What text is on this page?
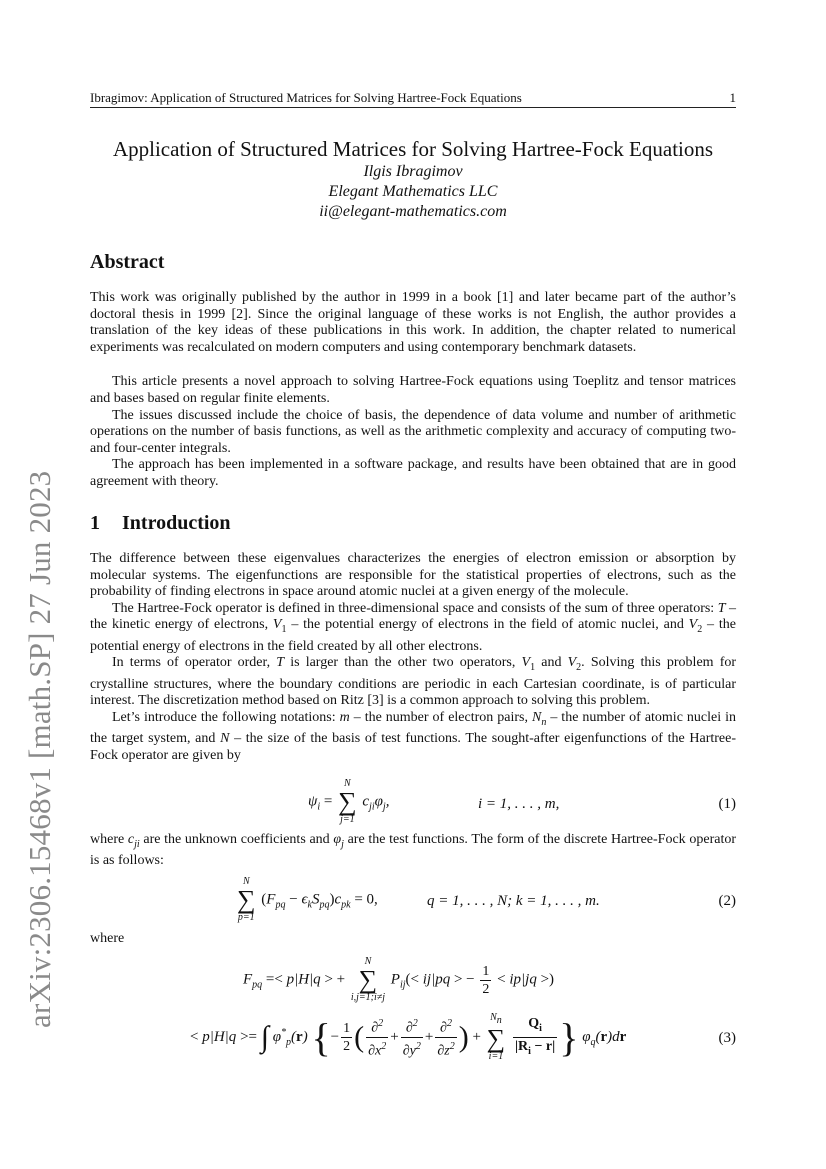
Ibragimov: Application of Structured Matrices for Solving Hartree-Fock Equations	1
arXiv:2306.15468v1 [math.SP] 27 Jun 2023
Application of Structured Matrices for Solving Hartree-Fock Equations
Ilgis Ibragimov
Elegant Mathematics LLC
ii@elegant-mathematics.com
Abstract

This work was originally published by the author in 1999 in a book [1] and later became part of the author’s doctoral thesis in 1999 [2]. Since the original language of these works is not English, the author provides a translation of the key ideas of these publications in this work. In addition, the chapter related to numerical experiments was recalculated on modern computers and using contemporary benchmark datasets.

This article presents a novel approach to solving Hartree-Fock equations using Toeplitz and tensor matrices and bases based on regular finite elements.

The issues discussed include the choice of basis, the dependence of data volume and number of arithmetic operations on the number of basis functions, as well as the arithmetic complexity and accuracy of computing two- and four-center integrals.

The approach has been implemented in a software package, and results have been obtained that are in good agreement with theory.

1 Introduction

The difference between these eigenvalues characterizes the energies of electron emission or absorption by molecular systems. The eigenfunctions are responsible for the statistical properties of electrons, such as the probability of finding electrons in space around atomic nuclei at a given energy of the molecule.

The Hartree-Fock operator is defined in three-dimensional space and consists of the sum of three operators: T – the kinetic energy of electrons, $V_1$ – the potential energy of electrons in the field of atomic nuclei, and $V_2$ – the potential energy of electrons in the field created by all other electrons.

In terms of operator order, T is larger than the other two operators, $V_1$ and $V_2$. Solving this problem for crystalline structures, where the boundary conditions are periodic in each Cartesian coordinate, is of particular interest. The discretization method based on Ritz [3] is a common approach to solving this problem.

Let’s introduce the following notations: m – the number of electron pairs, $N_n$ – the number of atomic nuclei in the target system, and N – the size of the basis of test functions. The sought-after eigenfunctions of the Hartree-Fock operator are given by

$\psi_i$ =
N
∑
j=1
$c_{ji}\varphi_j$,	i = 1, . . . , m,	(1)

where $c_{ji}$ are the unknown coefficients and $\varphi_j$ are the test functions. The form of the discrete Hartree-Fock operator is as follows:

N
∑
p=1
$(F_{pq} - \epsilon_kS_{pq})c_{pk} = 0$,	q = 1, . . . , N; k = 1, . . . , m.	(2)

where

$F_{pq} =< p|H|q$ > +
N
∑
i,j=1;i≠j
$P_{ij}(< ij|pq$ > − $\frac{1}{2} < ip|jq$ >)
< p|H|q >= ∫ $\varphi^*_p(r)$ {− $\frac{1}{2}$ ( $\frac{\partial^2}{\partial x^2} + \frac{\partial^2}{\partial y^2} + \frac{\partial^2}{\partial z^2}$ ) +
$N_n$
∑
i=1
$\frac{Q_i}{|R_i - r|}$ } $\varphi_q(r)dr$	(3)
